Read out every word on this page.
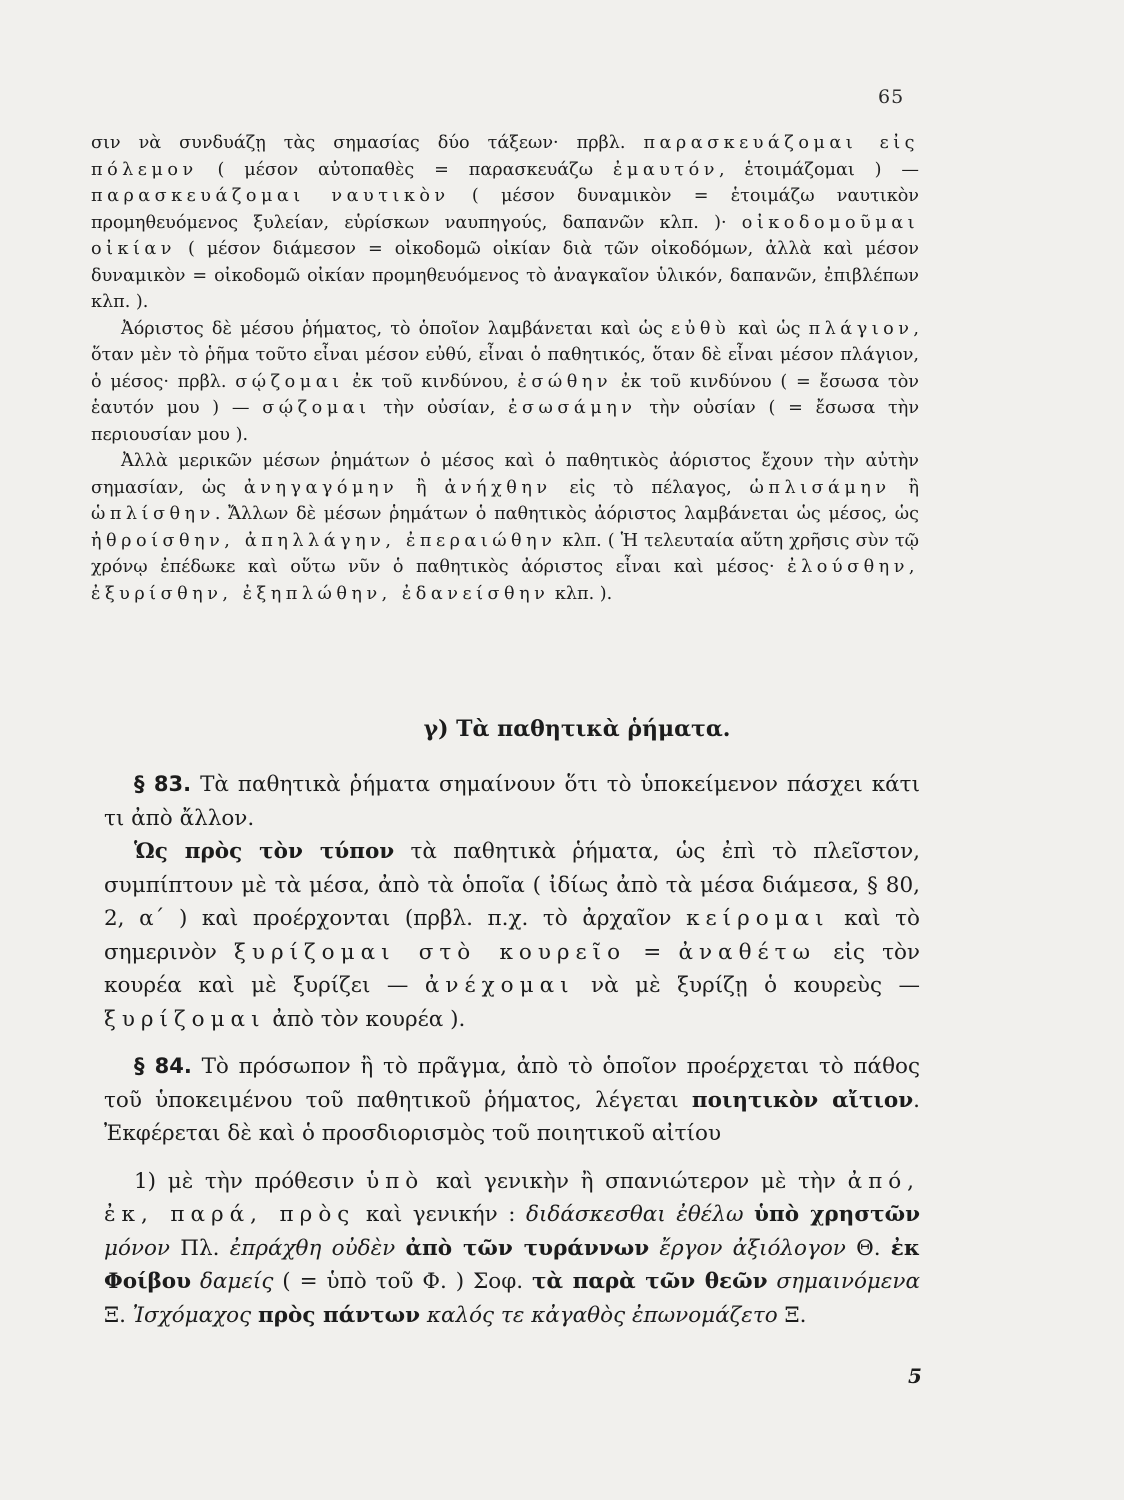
65

σιν νὰ συνδυάζῃ τὰς σημασίας δύο τάξεων· πρβλ. παρασκευάζομαι εἰς πόλεμον ( μέσον αὐτοπαθὲς = παρασκευάζω ἐμαυτόν, ἑτοιμάζομαι ) — παρασκευάζομαι ναυτικὸν ( μέσον δυναμικὸν = ἑτοιμάζω ναυτικὸν προμηθευόμενος ξυλείαν, εὑρίσκων ναυπηγούς, δαπανῶν κλπ. )· οἰκοδομοῦμαι οἰκίαν ( μέσον διάμεσον = οἰκοδομῶ οἰκίαν διὰ τῶν οἰκοδόμων, ἀλλὰ καὶ μέσον δυναμικὸν = οἰκοδομῶ οἰκίαν προμηθευόμενος τὸ ἀναγκαῖον ὑλικόν, δαπανῶν, ἐπιβλέπων κλπ. ).

Ἀόριστος δὲ μέσου ῥήματος, τὸ ὁποῖον λαμβάνεται καὶ ὡς εὐθὺ καὶ ὡς πλάγιον, ὅταν μὲν τὸ ῥῆμα τοῦτο εἶναι μέσον εὐθύ, εἶναι ὁ παθητικός, ὅταν δὲ εἶναι μέσον πλάγιον, ὁ μέσος· πρβλ. σῴζομαι ἐκ τοῦ κινδύνου, ἐσώθην ἐκ τοῦ κινδύνου ( = ἔσωσα τὸν ἑαυτόν μου ) — σῴζομαι τὴν οὐσίαν, ἐσωσάμην τὴν οὐσίαν ( = ἔσωσα τὴν περιουσίαν μου ).

Ἀλλὰ μερικῶν μέσων ῥημάτων ὁ μέσος καὶ ὁ παθητικὸς ἀόριστος ἔχουν τὴν αὐτὴν σημασίαν, ὡς ἀνηγαγόμην ἢ ἀνήχθην εἰς τὸ πέλαγος, ὡπλισάμην ἢ ὡπλίσθην. Ἄλλων δὲ μέσων ῥημάτων ὁ παθητικὸς ἀόριστος λαμβάνεται ὡς μέσος, ὡς ἠθροίσθην, ἀπηλλάγην, ἐπεραιώθην κλπ. ( Ἡ τελευταία αὕτη χρῆσις σὺν τῷ χρόνῳ ἐπέδωκε καὶ οὕτω νῦν ὁ παθητικὸς ἀόριστος εἶναι καὶ μέσος· ἐλούσθην, ἐξυρίσθην, ἐξηπλώθην, ἐδανείσθην κλπ. ).

γ) Τὰ παθητικὰ ῥήματα.

§ 83. Τὰ παθητικὰ ῥήματα σημαίνουν ὅτι τὸ ὑποκείμενον πάσχει κάτι τι ἀπὸ ἄλλον.

Ὡς πρὸς τὸν τύπον τὰ παθητικὰ ῥήματα, ὡς ἐπὶ τὸ πλεῖστον, συμπίπτουν μὲ τὰ μέσα, ἀπὸ τὰ ὁποῖα ( ἰδίως ἀπὸ τὰ μέσα διάμεσα, § 80, 2, α΄ ) καὶ προέρχονται (πρβλ. π.χ. τὸ ἀρχαῖον κείρομαι καὶ τὸ σημερινὸν ξυρίζομαι στὸ κουρεῖο = ἀναθέτω εἰς τὸν κουρέα καὶ μὲ ξυρίζει — ἀνέχομαι νὰ μὲ ξυρίζῃ ὁ κουρεὺς — ξυρίζομαι ἀπὸ τὸν κουρέα ).

§ 84. Τὸ πρόσωπον ἢ τὸ πρᾶγμα, ἀπὸ τὸ ὁποῖον προέρχεται τὸ πάθος τοῦ ὑποκειμένου τοῦ παθητικοῦ ῥήματος, λέγεται ποιητικὸν αἴτιον. Ἐκφέρεται δὲ καὶ ὁ προσδιορισμὸς τοῦ ποιητικοῦ αἰτίου

1) μὲ τὴν πρόθεσιν ὑπὸ καὶ γενικὴν ἢ σπανιώτερον μὲ τὴν ἀπό, ἐκ, παρά, πρὸς καὶ γενικήν : διδάσκεσθαι ἐθέλω ὑπὸ χρηστῶν μόνον Πλ. ἐπράχθη οὐδὲν ἀπὸ τῶν τυράννων ἔργον ἀξιόλογον Θ. ἐκ Φοίβου δαμείς ( = ὑπὸ τοῦ Φ. ) Σοφ. τὰ παρὰ τῶν θεῶν σημαινόμενα Ξ. Ἰσχόμαχος πρὸς πάντων καλός τε κἀγαθὸς ἐπωνομάζετο Ξ.

5
